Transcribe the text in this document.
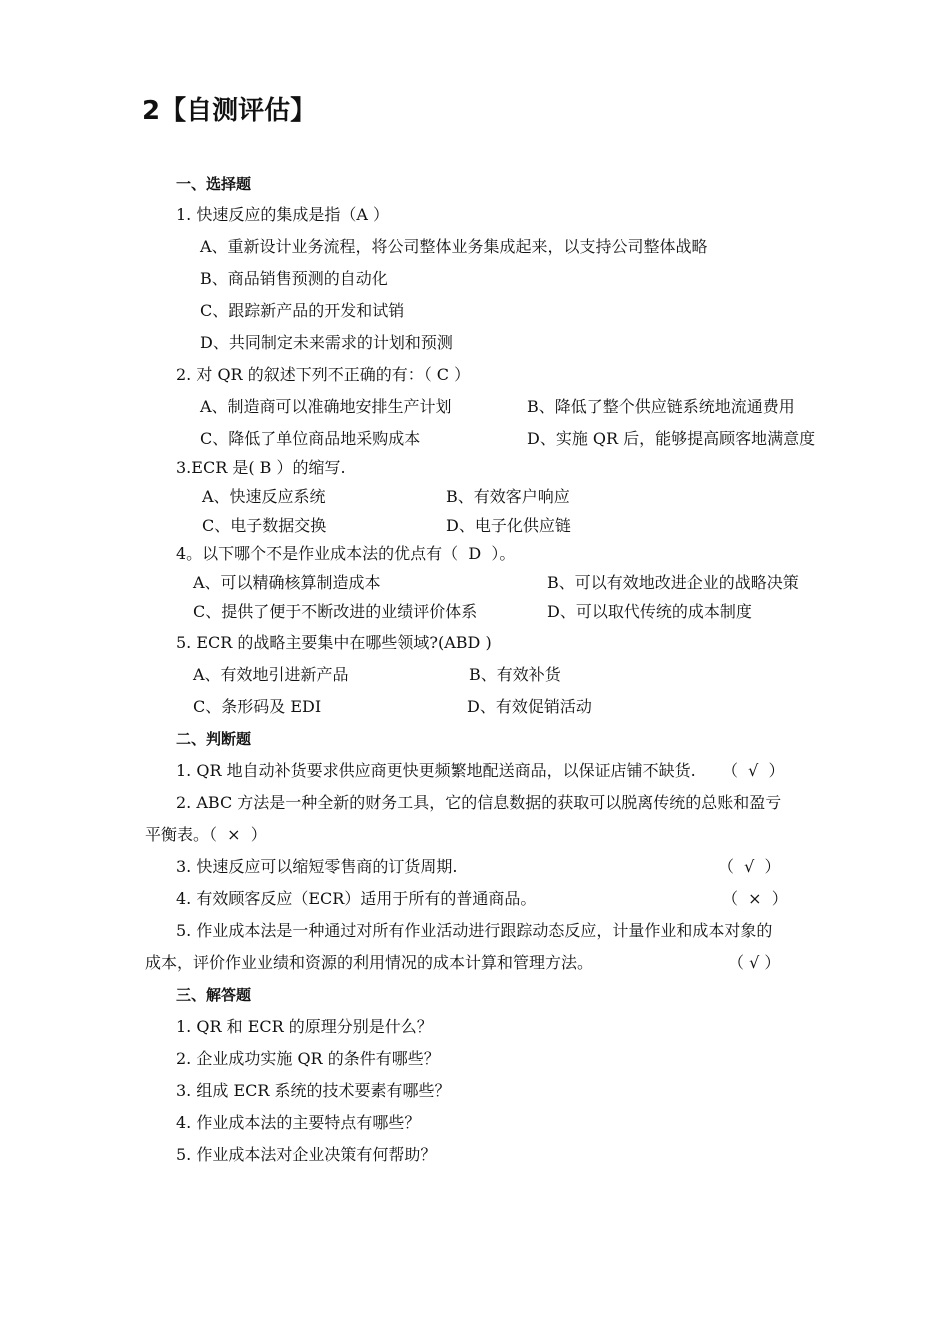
2【自测评估】
一、选择题
1. 快速反应的集成是指（A ）
A、重新设计业务流程，将公司整体业务集成起来，以支持公司整体战略
B、商品销售预测的自动化
C、跟踪新产品的开发和试销
D、共同制定未来需求的计划和预测
2. 对 QR 的叙述下列不正确的有：（ C ）
A、制造商可以准确地安排生产计划	B、降低了整个供应链系统地流通费用
C、降低了单位商品地采购成本	D、实施 QR 后，能够提高顾客地满意度
3.ECR 是( B ）的缩写.
A、快速反应系统	B、有效客户响应
C、电子数据交换	D、电子化供应链
4。以下哪个不是作业成本法的优点有（  D  ）。
A、可以精确核算制造成本	B、可以有效地改进企业的战略决策
C、提供了便于不断改进的业绩评价体系	D、可以取代传统的成本制度
5. ECR 的战略主要集中在哪些领域?(ABD )
A、有效地引进新产品	B、有效补货
C、条形码及 EDI	D、有效促销活动
二、判断题
1. QR 地自动补货要求供应商更快更频繁地配送商品，以保证店铺不缺货. （  √  ）
2. ABC 方法是一种全新的财务工具，它的信息数据的获取可以脱离传统的总账和盈亏
平衡表。（  ×  ）
3. 快速反应可以缩短零售商的订货周期.	（  √  ）
4. 有效顾客反应（ECR）适用于所有的普通商品。	（  ×  ）
5. 作业成本法是一种通过对所有作业活动进行跟踪动态反应，计量作业和成本对象的
成本，评价作业业绩和资源的利用情况的成本计算和管理方法。	（ √ ）
三、解答题
1. QR 和 ECR 的原理分别是什么？
2. 企业成功实施 QR 的条件有哪些？
3. 组成 ECR 系统的技术要素有哪些？
4. 作业成本法的主要特点有哪些？
5. 作业成本法对企业决策有何帮助？
